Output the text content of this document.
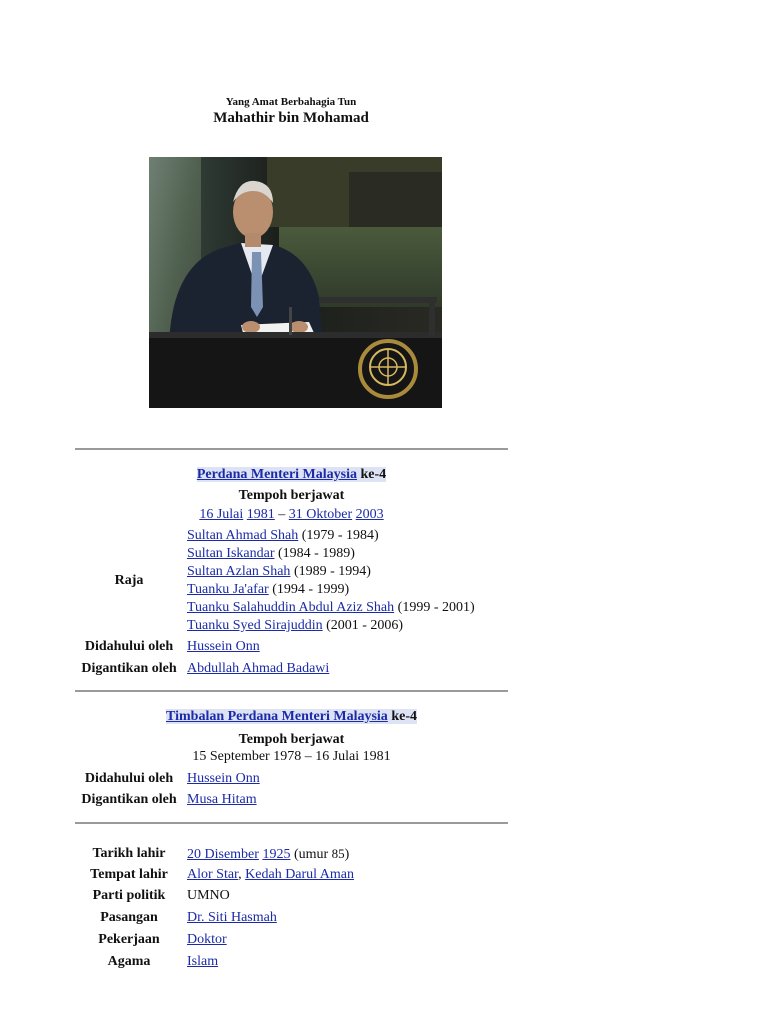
Yang Amat Berbahagia Tun
Mahathir bin Mohamad
Perdana Menteri Malaysia ke-4
Tempoh berjawat
16 Julai 1981 – 31 Oktober 2003
Raja
Sultan Ahmad Shah (1979 - 1984)
Sultan Iskandar (1984 - 1989)
Sultan Azlan Shah (1989 - 1994)
Tuanku Ja'afar (1994 - 1999)
Tuanku Salahuddin Abdul Aziz Shah (1999 - 2001)
Tuanku Syed Sirajuddin (2001 - 2006)
Didahului oleh Hussein Onn
Digantikan oleh Abdullah Ahmad Badawi
Timbalan Perdana Menteri Malaysia ke-4
Tempoh berjawat
15 September 1978 – 16 Julai 1981
Didahului oleh Hussein Onn
Digantikan oleh Musa Hitam
Tarikh lahir	20 Disember 1925 (umur 85)
Tempat lahir	Alor Star, Kedah Darul Aman
Parti politik	UMNO
Pasangan	Dr. Siti Hasmah
Pekerjaan	Doktor
Agama	Islam
